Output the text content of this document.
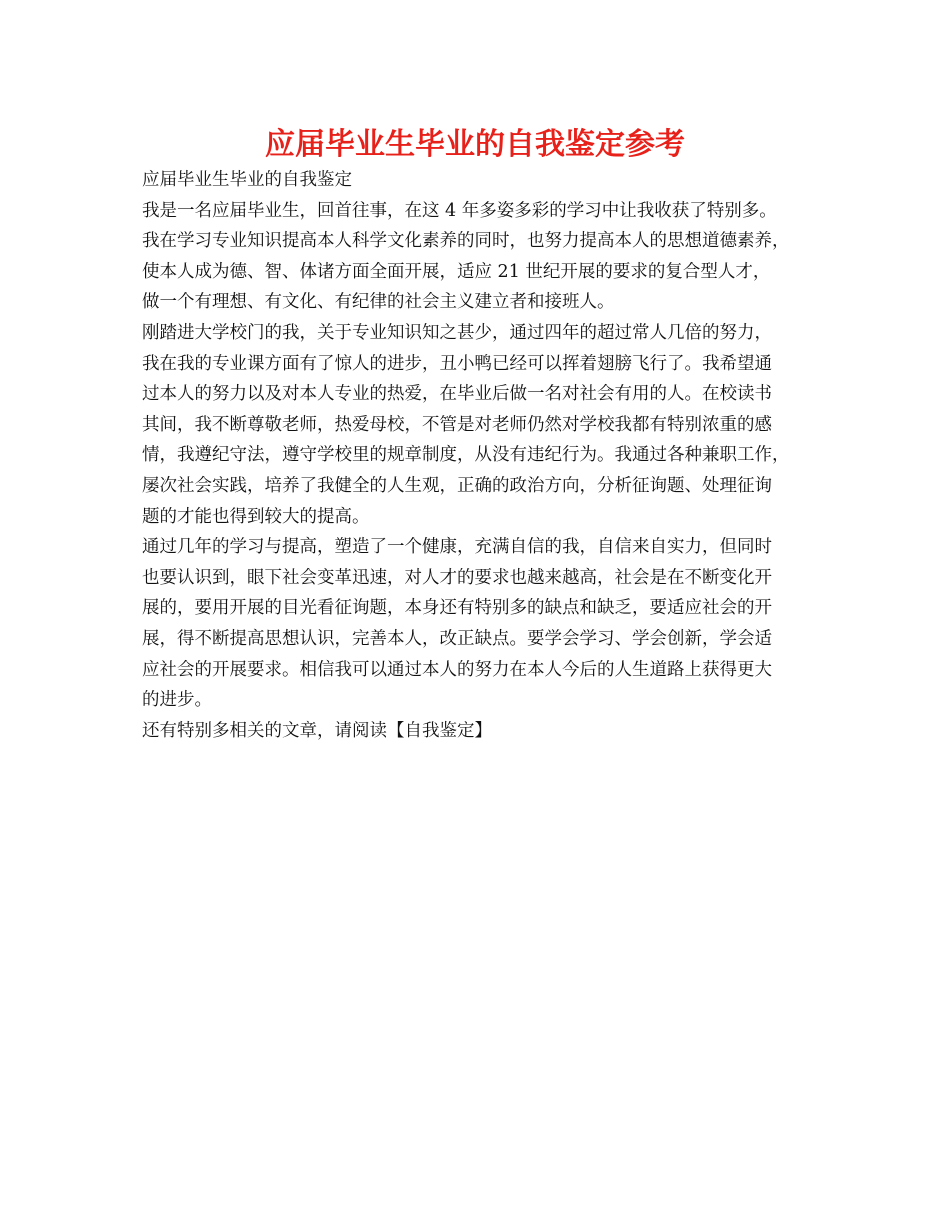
应届毕业生毕业的自我鉴定参考

应届毕业生毕业的自我鉴定

我是一名应届毕业生，回首往事，在这 4 年多姿多彩的学习中让我收获了特别多。

我在学习专业知识提高本人科学文化素养的同时，也努力提高本人的思想道德素养，
使本人成为德、智、体诸方面全面开展，适应 21 世纪开展的要求的复合型人才，
做一个有理想、有文化、有纪律的社会主义建立者和接班人。

刚踏进大学校门的我，关于专业知识知之甚少，通过四年的超过常人几倍的努力，
我在我的专业课方面有了惊人的进步，丑小鸭已经可以挥着翅膀飞行了。我希望通
过本人的努力以及对本人专业的热爱，在毕业后做一名对社会有用的人。在校读书
其间，我不断尊敬老师，热爱母校，不管是对老师仍然对学校我都有特别浓重的感
情，我遵纪守法，遵守学校里的规章制度，从没有违纪行为。我通过各种兼职工作，
屡次社会实践，培养了我健全的人生观，正确的政治方向，分析征询题、处理征询
题的才能也得到较大的提高。

通过几年的学习与提高，塑造了一个健康，充满自信的我，自信来自实力，但同时
也要认识到，眼下社会变革迅速，对人才的要求也越来越高，社会是在不断变化开
展的，要用开展的目光看征询题，本身还有特别多的缺点和缺乏，要适应社会的开
展，得不断提高思想认识，完善本人，改正缺点。要学会学习、学会创新，学会适
应社会的开展要求。相信我可以通过本人的努力在本人今后的人生道路上获得更大
的进步。

还有特别多相关的文章，请阅读【自我鉴定】
